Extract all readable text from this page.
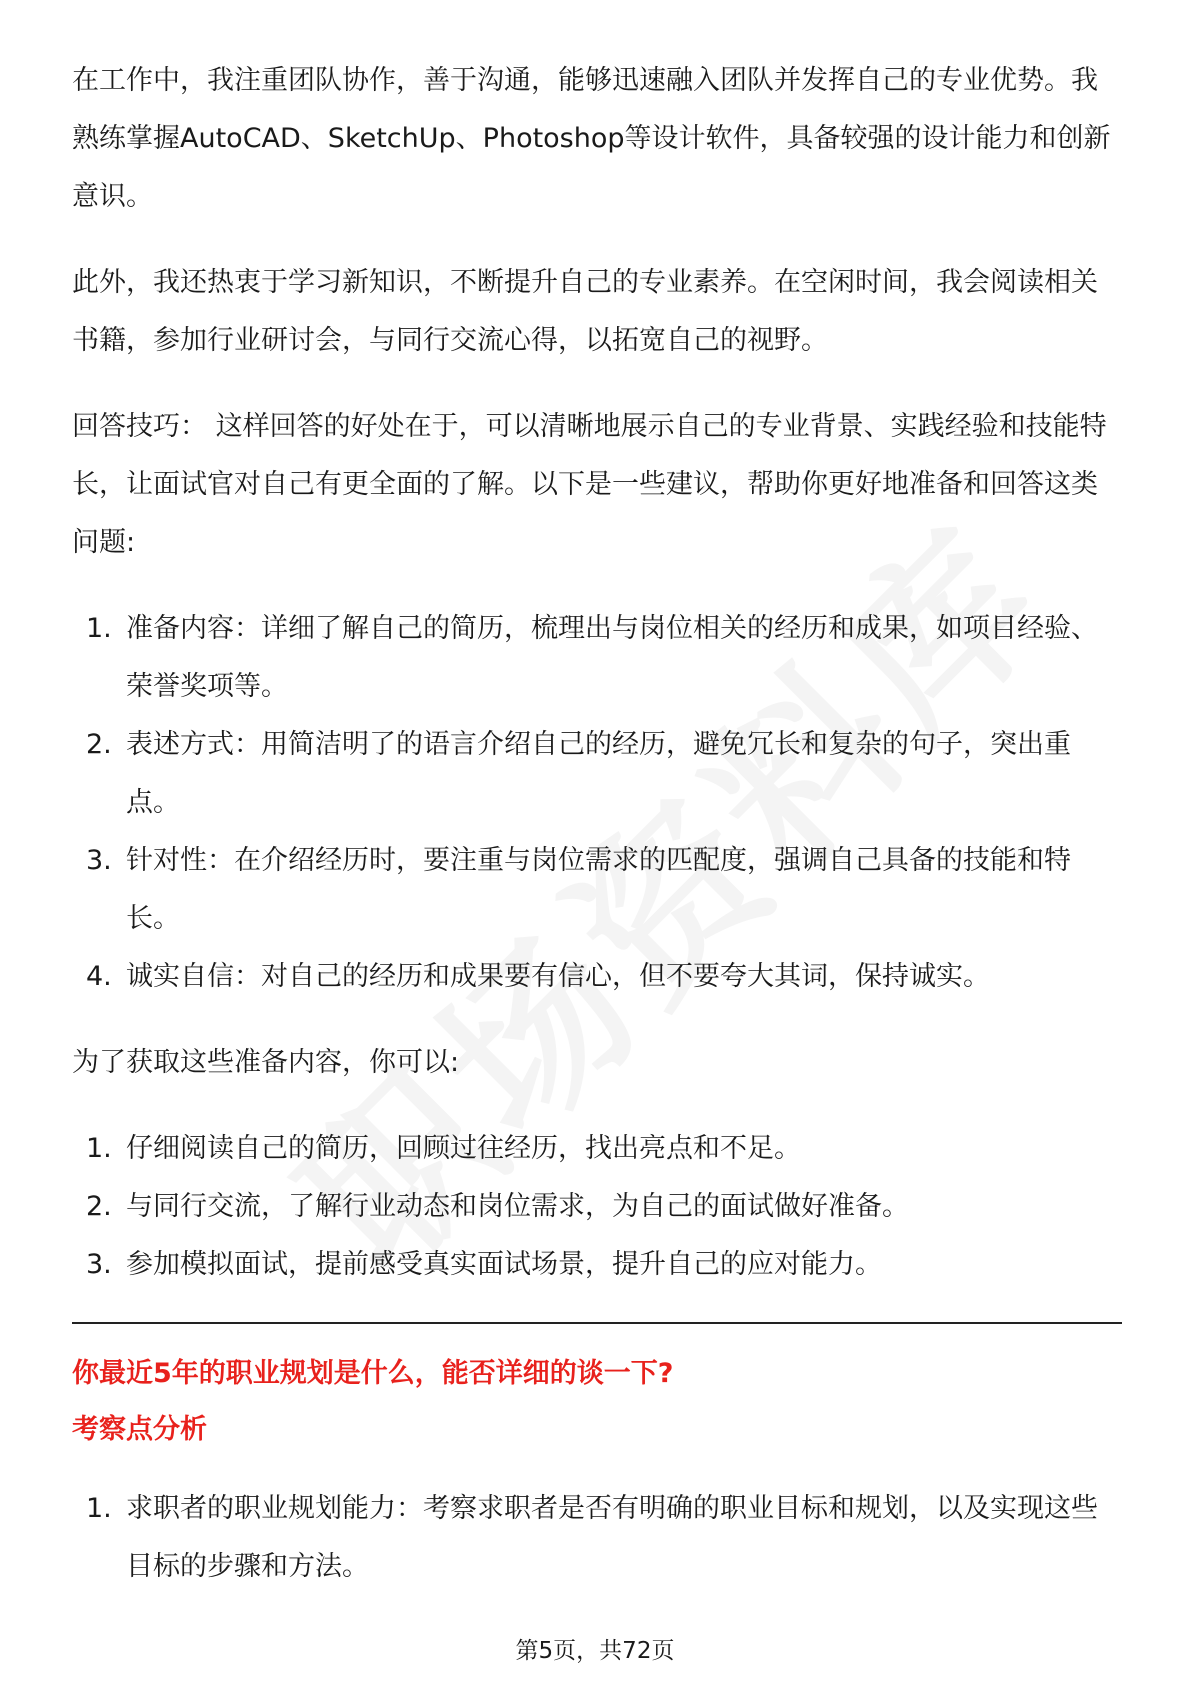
在工作中，我注重团队协作，善于沟通，能够迅速融入团队并发挥自己的专业优势。我熟练掌握AutoCAD、SketchUp、Photoshop等设计软件，具备较强的设计能力和创新意识。

此外，我还热衷于学习新知识，不断提升自己的专业素养。在空闲时间，我会阅读相关书籍，参加行业研讨会，与同行交流心得，以拓宽自己的视野。

回答技巧： 这样回答的好处在于，可以清晰地展示自己的专业背景、实践经验和技能特长，让面试官对自己有更全面的了解。以下是一些建议，帮助你更好地准备和回答这类问题:

1. 准备内容：详细了解自己的简历，梳理出与岗位相关的经历和成果，如项目经验、荣誉奖项等。
2. 表述方式：用简洁明了的语言介绍自己的经历，避免冗长和复杂的句子，突出重点。
3. 针对性：在介绍经历时，要注重与岗位需求的匹配度，强调自己具备的技能和特长。
4. 诚实自信：对自己的经历和成果要有信心，但不要夸大其词，保持诚实。

为了获取这些准备内容，你可以:

1. 仔细阅读自己的简历，回顾过往经历，找出亮点和不足。
2. 与同行交流，了解行业动态和岗位需求，为自己的面试做好准备。
3. 参加模拟面试，提前感受真实面试场景，提升自己的应对能力。

你最近5年的职业规划是什么，能否详细的谈一下?

考察点分析

1. 求职者的职业规划能力：考察求职者是否有明确的职业目标和规划，以及实现这些目标的步骤和方法。
第5页，共72页
